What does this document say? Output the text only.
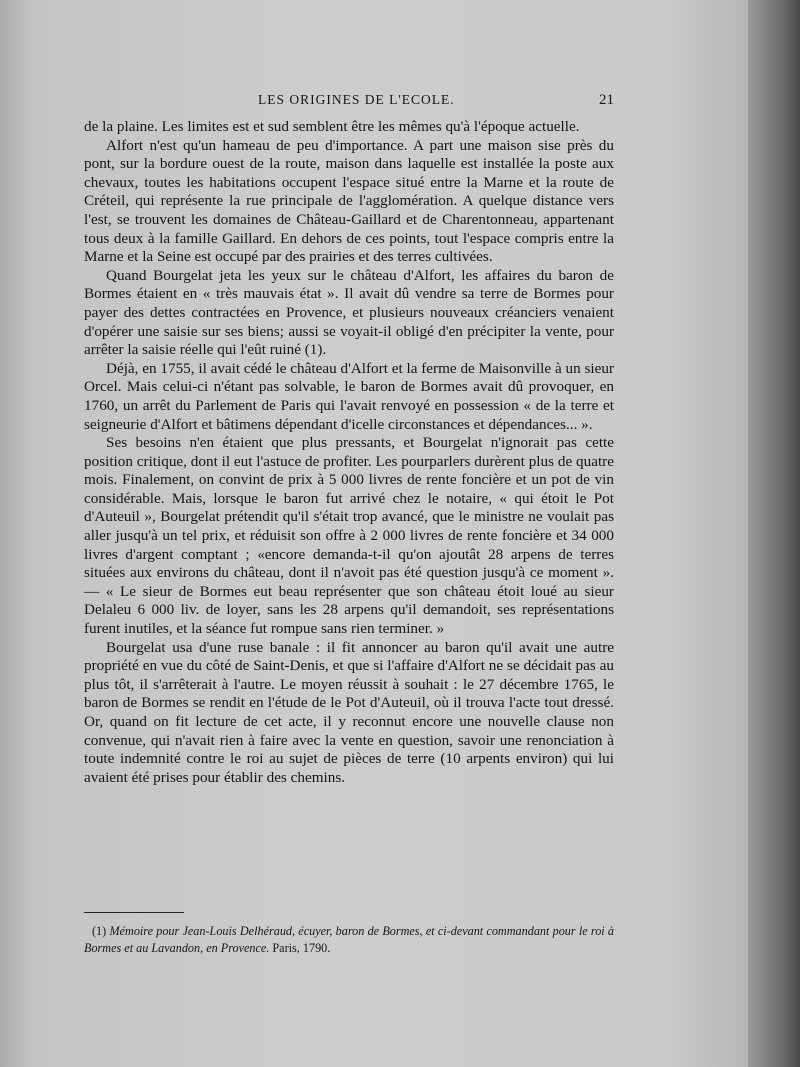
LES ORIGINES DE L'ECOLE.	21

de la plaine. Les limites est et sud semblent être les mêmes qu'à l'époque actuelle.

Alfort n'est qu'un hameau de peu d'importance. A part une maison sise près du pont, sur la bordure ouest de la route, maison dans laquelle est installée la poste aux chevaux, toutes les habitations occupent l'espace situé entre la Marne et la route de Créteil, qui représente la rue principale de l'agglomération. A quelque distance vers l'est, se trouvent les domaines de Château-Gaillard et de Charentonneau, appartenant tous deux à la famille Gaillard. En dehors de ces points, tout l'espace compris entre la Marne et la Seine est occupé par des prairies et des terres cultivées.

Quand Bourgelat jeta les yeux sur le château d'Alfort, les affaires du baron de Bormes étaient en « très mauvais état ». Il avait dû vendre sa terre de Bormes pour payer des dettes contractées en Provence, et plusieurs nouveaux créanciers venaient d'opérer une saisie sur ses biens; aussi se voyait-il obligé d'en précipiter la vente, pour arrêter la saisie réelle qui l'eût ruiné (1).

Déjà, en 1755, il avait cédé le château d'Alfort et la ferme de Maisonville à un sieur Orcel. Mais celui-ci n'étant pas solvable, le baron de Bormes avait dû provoquer, en 1760, un arrêt du Parlement de Paris qui l'avait renvoyé en possession « de la terre et seigneurie d'Alfort et bâtimens dépendant d'icelle circonstances et dépendances... ».

Ses besoins n'en étaient que plus pressants, et Bourgelat n'ignorait pas cette position critique, dont il eut l'astuce de profiter. Les pourparlers durèrent plus de quatre mois. Finalement, on convint de prix à 5 000 livres de rente foncière et un pot de vin considérable. Mais, lorsque le baron fut arrivé chez le notaire, « qui étoit le Pot d'Auteuil », Bourgelat prétendit qu'il s'était trop avancé, que le ministre ne voulait pas aller jusqu'à un tel prix, et réduisit son offre à 2 000 livres de rente foncière et 34 000 livres d'argent comptant ; «encore demanda-t-il qu'on ajoutât 28 arpens de terres situées aux environs du château, dont il n'avoit pas été question jusqu'à ce moment ». — « Le sieur de Bormes eut beau représenter que son château étoit loué au sieur Delaleu 6 000 liv. de loyer, sans les 28 arpens qu'il demandoit, ses représentations furent inutiles, et la séance fut rompue sans rien terminer. »

Bourgelat usa d'une ruse banale : il fit annoncer au baron qu'il avait une autre propriété en vue du côté de Saint-Denis, et que si l'affaire d'Alfort ne se décidait pas au plus tôt, il s'arrêterait à l'autre. Le moyen réussit à souhait : le 27 décembre 1765, le baron de Bormes se rendit en l'étude de le Pot d'Auteuil, où il trouva l'acte tout dressé. Or, quand on fit lecture de cet acte, il y reconnut encore une nouvelle clause non convenue, qui n'avait rien à faire avec la vente en question, savoir une renonciation à toute indemnité contre le roi au sujet de pièces de terre (10 arpents environ) qui lui avaient été prises pour établir des chemins.

(1) Mémoire pour Jean-Louis Delhéraud, écuyer, baron de Bormes, et ci-devant commandant pour le roi à Bormes et au Lavandon, en Provence. Paris, 1790.
